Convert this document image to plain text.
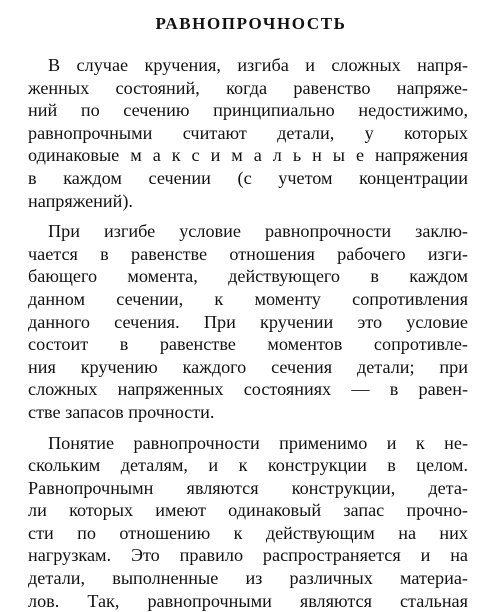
РАВНОПРОЧНОСТЬ
В случае кручения, изгиба и сложных напря-
женных состояний, когда равенство напряже-
ний по сечению принципиально недостижимо,
равнопрочными считают детали, у которых
одинаковые м а к с и м а л ь н ы е напряжения
в каждом сечении (с учетом концентрации
напряжений).
При изгибе условие равнопрочности заклю-
чается в равенстве отношения рабочего изги-
бающего момента, действующего в каждом
данном сечении, к моменту сопротивления
данного сечения. При кручении это условие
состоит в равенстве моментов сопротивле-
ния кручению каждого сечения детали; при
сложных напряженных состояниях — в равен-
стве запасов прочности.
Понятие равнопрочности применимо и к не-
скольким деталям, и к конструкции в целом.
Равнопрочнымн являются конструкции, дета-
ли которых имеют одинаковый запас прочно-
сти по отношению к действующим на них
нагрузкам. Это правило распространяется и на
детали, выполненные из различных материа-
лов. Так, равнопрочными являются стальная
